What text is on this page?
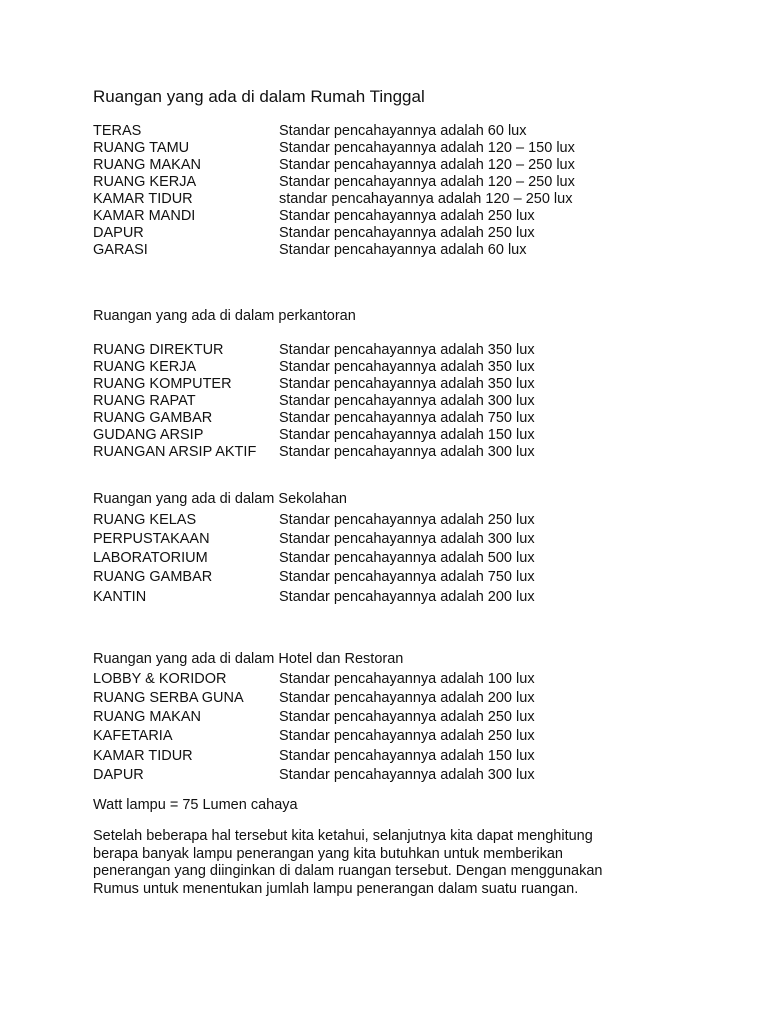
Ruangan yang ada di dalam Rumah Tinggal
TERAS	Standar pencahayannya adalah 60 lux
RUANG TAMU	Standar pencahayannya adalah 120 – 150 lux
RUANG MAKAN	Standar pencahayannya adalah 120 – 250 lux
RUANG KERJA	Standar pencahayannya adalah 120 – 250 lux
KAMAR TIDUR	standar pencahayannya adalah 120 – 250 lux
KAMAR MANDI	Standar pencahayannya adalah 250 lux
DAPUR	Standar pencahayannya adalah 250 lux
GARASI	Standar pencahayannya adalah 60 lux
Ruangan yang ada di dalam perkantoran
RUANG DIREKTUR	Standar pencahayannya adalah 350 lux
RUANG KERJA	Standar pencahayannya adalah 350 lux
RUANG KOMPUTER	Standar pencahayannya adalah 350 lux
RUANG RAPAT	Standar pencahayannya adalah 300 lux
RUANG GAMBAR	Standar pencahayannya adalah 750 lux
GUDANG ARSIP	Standar pencahayannya adalah 150 lux
RUANGAN ARSIP AKTIF Standar pencahayannya adalah 300 lux
Ruangan yang ada di dalam Sekolahan
RUANG KELAS	Standar pencahayannya adalah 250 lux
PERPUSTAKAAN	Standar pencahayannya adalah 300 lux
LABORATORIUM	Standar pencahayannya adalah 500 lux
RUANG GAMBAR	Standar pencahayannya adalah 750 lux
KANTIN	Standar pencahayannya adalah 200 lux
Ruangan yang ada di dalam Hotel dan Restoran
LOBBY & KORIDOR	Standar pencahayannya adalah 100 lux
RUANG SERBA GUNA Standar pencahayannya adalah 200 lux
RUANG MAKAN	Standar pencahayannya adalah 250 lux
KAFETARIA	Standar pencahayannya adalah 250 lux
KAMAR TIDUR	Standar pencahayannya adalah 150 lux
DAPUR	Standar pencahayannya adalah 300 lux
Watt lampu = 75 Lumen cahaya
Setelah beberapa hal tersebut kita ketahui, selanjutnya kita dapat menghitung
berapa banyak lampu penerangan yang kita butuhkan untuk memberikan
penerangan yang diinginkan di dalam ruangan tersebut. Dengan menggunakan
Rumus untuk menentukan jumlah lampu penerangan dalam suatu ruangan.
